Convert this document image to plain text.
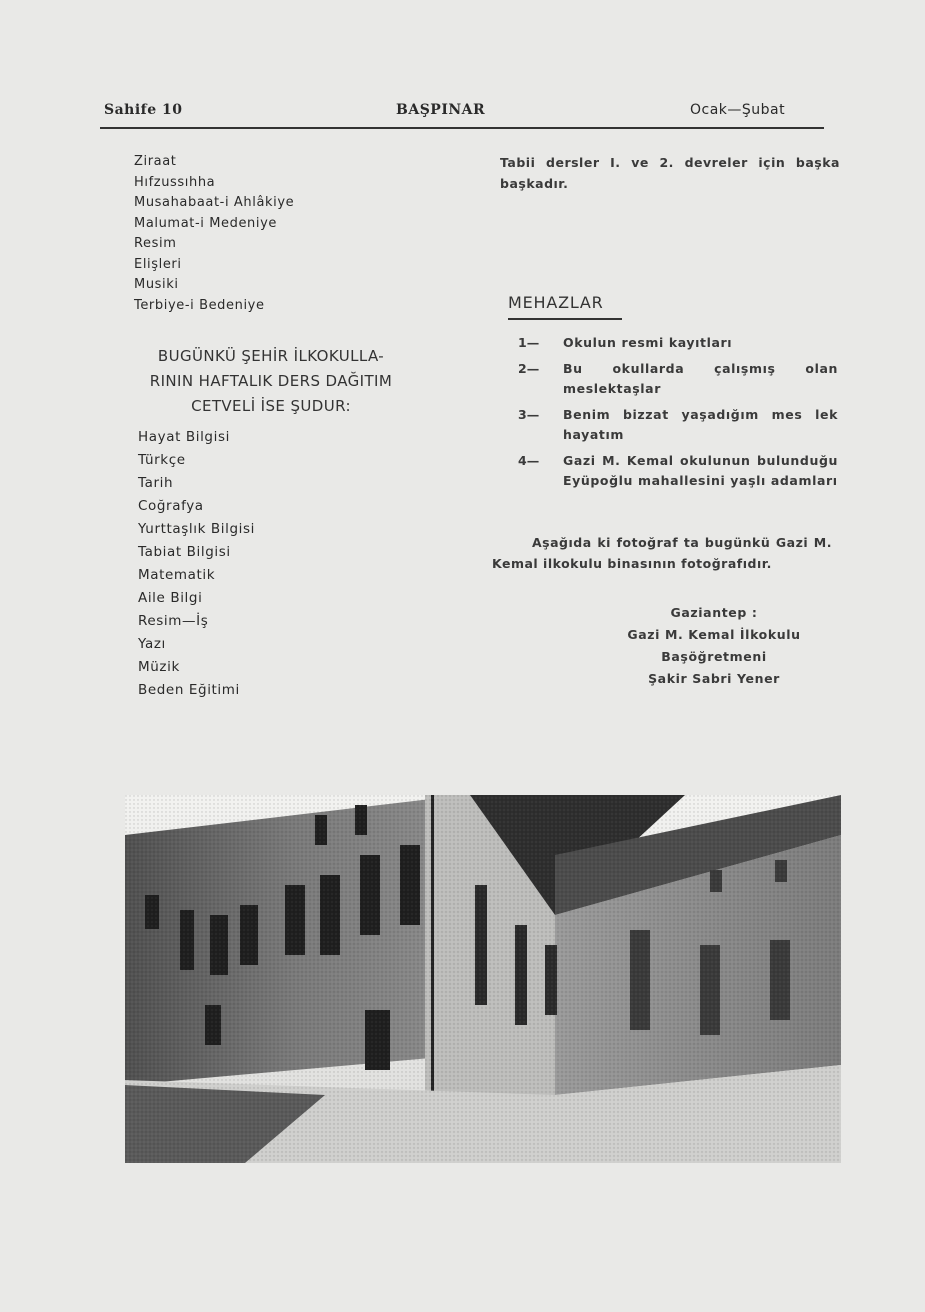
Sahife 10	BAŞPINAR	Ocak—Şubat
Ziraat
Hıfzussıhha
Musahabaat-i Ahlâkiye
Malumat-i Medeniye
Resim
Elişleri
Musiki
Terbiye-i Bedeniye
BUGÜNKÜ ŞEHİR İLKOKULLA-
RININ HAFTALIK DERS DAĞITIM
CETVELİ İSE ŞUDUR:
Hayat Bilgisi
Türkçe
Tarih
Coğrafya
Yurttaşlık Bilgisi
Tabiat Bilgisi
Matematik
Aile Bilgi
Resim—İş
Yazı
Müzik
Beden Eğitimi
Tabii dersler I. ve 2. devreler için başka başkadır.
MEHAZLAR
1—	Okulun resmi kayıtları
2—	Bu okullarda çalışmış olan meslektaşlar
3—	Benim bizzat yaşadığım mes lek hayatım
4—	Gazi M. Kemal okulunun bulunduğu Eyüpoğlu mahallesini yaşlı adamları
Aşağıda ki fotoğraf ta bugünkü Gazi M. Kemal ilkokulu binasının fotoğrafıdır.
Gaziantep :
Gazi M. Kemal İlkokulu
Başöğretmeni
Şakir Sabri Yener
